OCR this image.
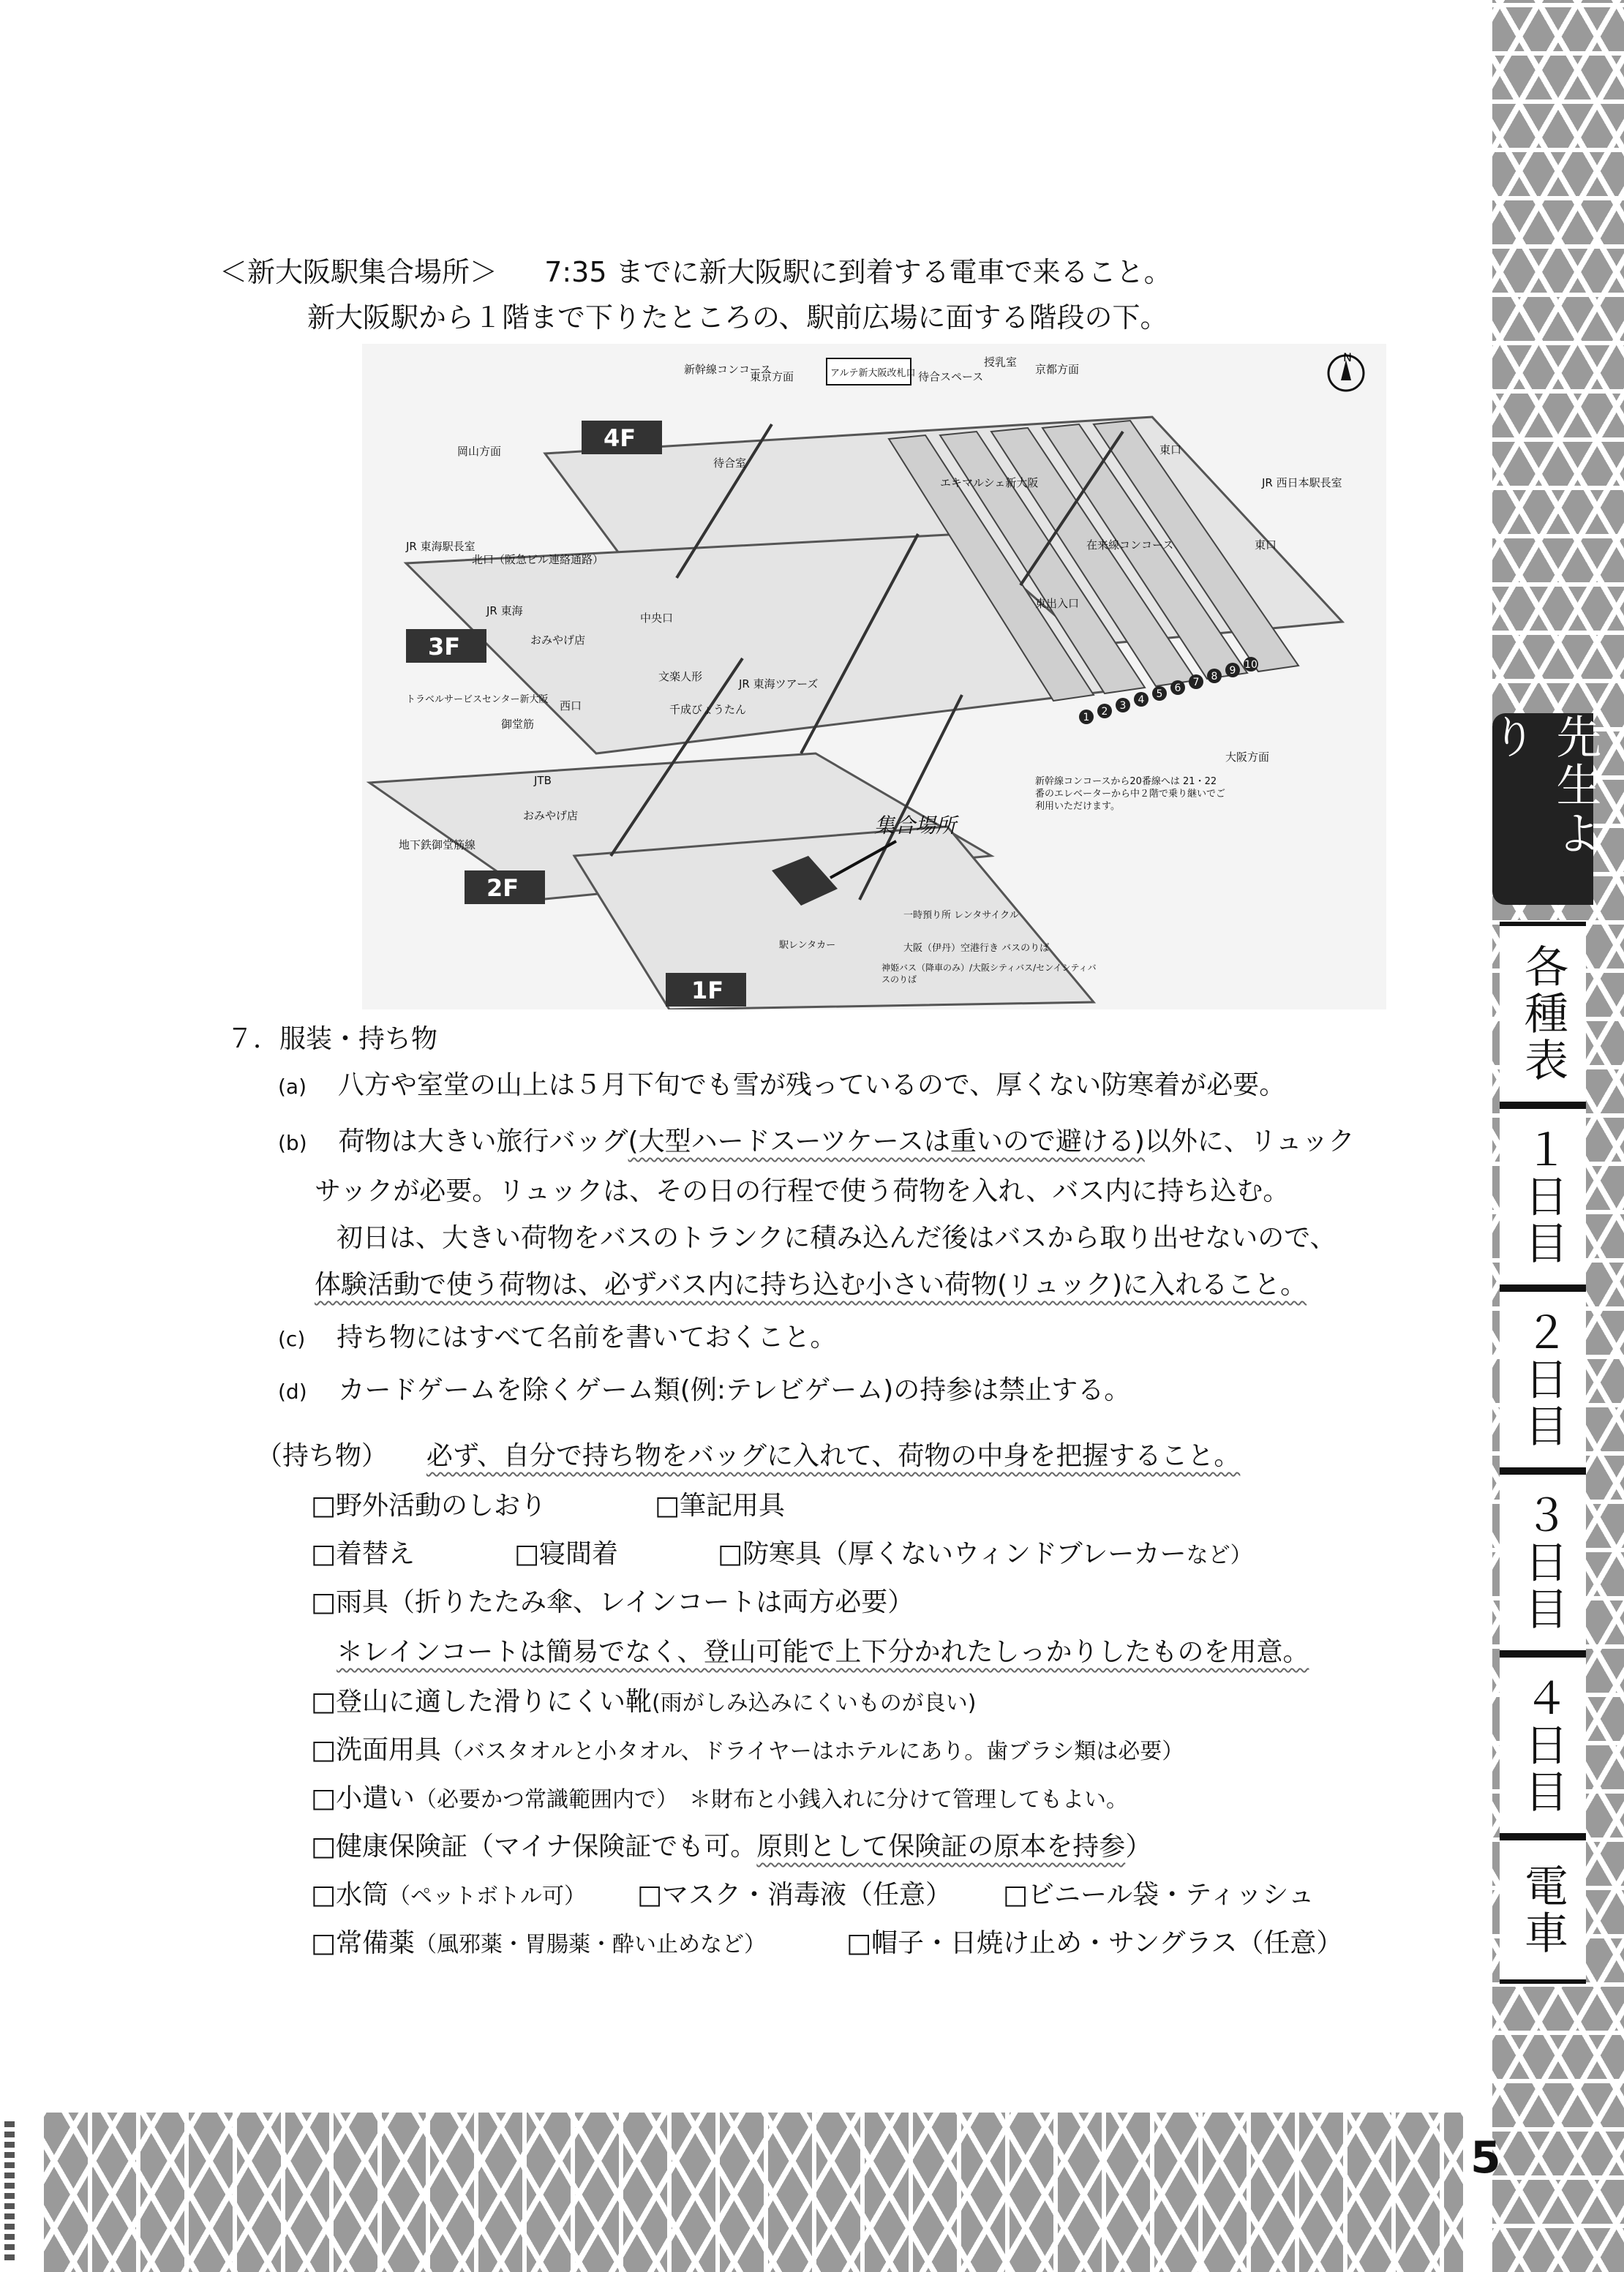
＜新大阪駅集合場所＞ 7:35 までに新大阪駅に到着する電車で来ること。
新大阪駅から１階まで下りたところの、駅前広場に面する階段の下。
N
4F
3F
2F
1F
1 2 3 4 5 6 7 8 9 10
新幹線コンコース
東京方面	アルテ新大阪改札口 待合スペース
授乳室
京都方面
岡山方面
待合室
エキマルシェ新大阪
東口
JR 西日本駅長室
JR 東海駅長室
北口（阪急ビル連絡通路）
JR 東海
おみやげ店
在来線コンコース
中央口
東口
東出入口
文楽人形
JR 東海ツアーズ
トラベルサービスセンター新大阪 西口	千成びょうたん
御堂筋
JTB
おみやげ店
地下鉄御堂筋線
大阪方面
新幹線コンコースから20番線へは 21・22番のエレベーターから中２階で乗り継いでご利用いただけます。
集合場所
一時預り所 レンタサイクル
大阪（伊丹）空港行き バスのりば
駅レンタカー
神姫バス（降車のみ）/大阪シティバス/センイシティバスのりば
７．服装・持ち物
(a) 八方や室堂の山上は５月下旬でも雪が残っているので、厚くない防寒着が必要。
(b) 荷物は大きい旅行バッグ(大型ハードスーツケースは重いので避ける)以外に、リュック
サックが必要。リュックは、その日の行程で使う荷物を入れ、バス内に持ち込む。
初日は、大きい荷物をバスのトランクに積み込んだ後はバスから取り出せないので、
体験活動で使う荷物は、必ずバス内に持ち込む小さい荷物(リュック)に入れること。
(c) 持ち物にはすべて名前を書いておくこと。
(d) カードゲームを除くゲーム類(例:テレビゲーム)の持参は禁止する。
（持ち物） 必ず、自分で持ち物をバッグに入れて、荷物の中身を把握すること。
□野外活動のしおり	□筆記用具
□着替え	□寝間着	□防寒具（厚くないウィンドブレーカーなど）
□雨具（折りたたみ傘、レインコートは両方必要）
＊レインコートは簡易でなく、登山可能で上下分かれたしっかりしたものを用意。
□登山に適した滑りにくい靴(雨がしみ込みにくいものが良い)
□洗面用具（バスタオルと小タオル、ドライヤーはホテルにあり。歯ブラシ類は必要）
□小遣い（必要かつ常識範囲内で）　＊財布と小銭入れに分けて管理してもよい。
□健康保険証（マイナ保険証でも可。原則として保険証の原本を持参）
□水筒（ペットボトル可） □マスク・消毒液（任意） □ビニール袋・ティッシュ
□常備薬（風邪薬・胃腸薬・酔い止めなど）	□帽子・日焼け止め・サングラス（任意）
先生より
各種表
１日目
２日目
３日目
４日目
電車
5
